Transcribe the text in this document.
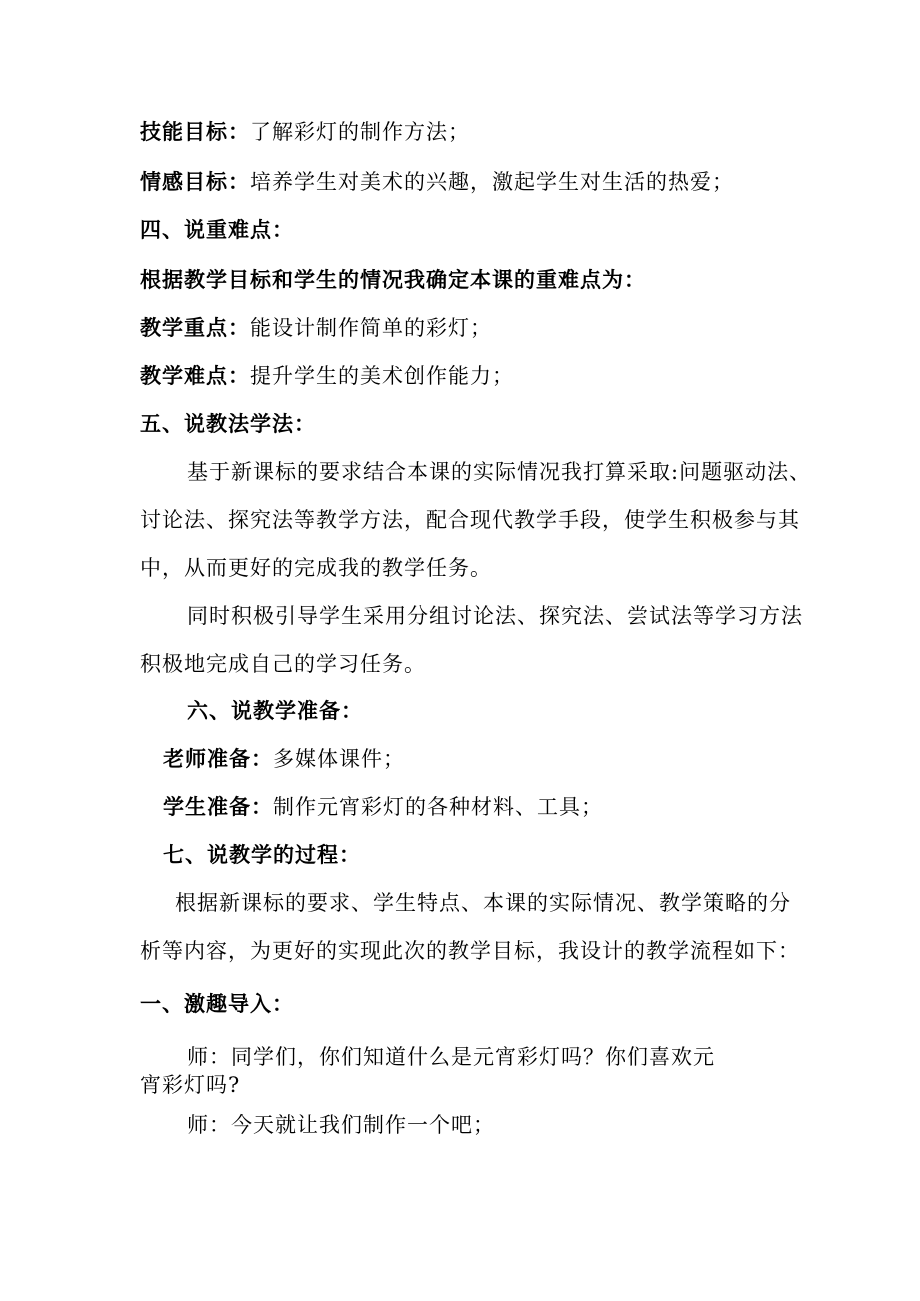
技能目标：了解彩灯的制作方法；
情感目标：培养学生对美术的兴趣，激起学生对生活的热爱；
四、说重难点：
根据教学目标和学生的情况我确定本课的重难点为：
教学重点：能设计制作简单的彩灯；
教学难点：提升学生的美术创作能力；
五、说教法学法：
基于新课标的要求结合本课的实际情况我打算采取:问题驱动法、
讨论法、探究法等教学方法，配合现代教学手段，使学生积极参与其
中，从而更好的完成我的教学任务。
同时积极引导学生采用分组讨论法、探究法、尝试法等学习方法
积极地完成自己的学习任务。
六、说教学准备：
老师准备：多媒体课件；
学生准备：制作元宵彩灯的各种材料、工具；
七、说教学的过程：
根据新课标的要求、学生特点、本课的实际情况、教学策略的分
析等内容，为更好的实现此次的教学目标，我设计的教学流程如下：
一、激趣导入：
师：同学们，你们知道什么是元宵彩灯吗？你们喜欢元
宵彩灯吗?
师：今天就让我们制作一个吧；
